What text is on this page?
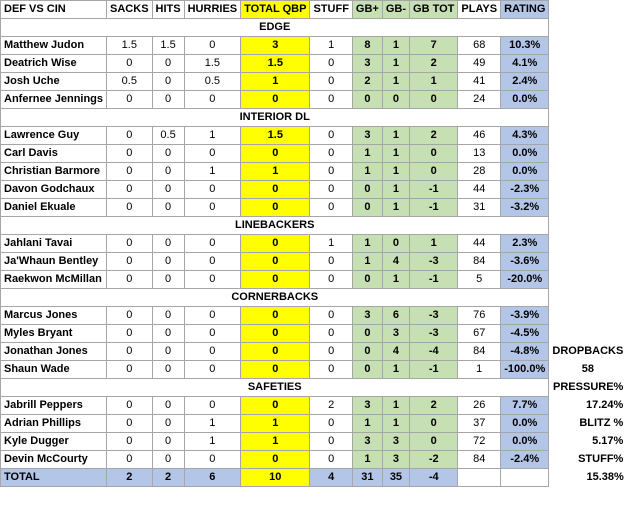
DEF VS CIN	SACKS	HITS	HURRIES	TOTAL QBP	STUFF	GB+	GB-	GB TOT	PLAYS	RATING	
EDGE											
Matthew Judon	1.5	1.5	0	3	1	8	1	7	68	10.3%	
Deatrich Wise	0	0	1.5	1.5	0	3	1	2	49	4.1%	
Josh Uche	0.5	0	0.5	1	0	2	1	1	41	2.4%	
Anfernee Jennings	0	0	0	0	0	0	0	0	24	0.0%	
INTERIOR DL											
Lawrence Guy	0	0.5	1	1.5	0	3	1	2	46	4.3%	
Carl Davis	0	0	0	0	0	1	1	0	13	0.0%	
Christian Barmore	0	0	1	1	0	1	1	0	28	0.0%	
Davon Godchaux	0	0	0	0	0	0	1	-1	44	-2.3%	
Daniel Ekuale	0	0	0	0	0	0	1	-1	31	-3.2%	
LINEBACKERS											
Jahlani Tavai	0	0	0	0	1	1	0	1	44	2.3%	
Ja'Whaun Bentley	0	0	0	0	0	1	4	-3	84	-3.6%	
Raekwon McMillan	0	0	0	0	0	0	1	-1	5	-20.0%	
CORNERBACKS											
Marcus Jones	0	0	0	0	0	3	6	-3	76	-3.9%	
Myles Bryant	0	0	0	0	0	0	3	-3	67	-4.5%	
Jonathan Jones	0	0	0	0	0	0	4	-4	84	-4.8%	DROPBACKS
Shaun Wade	0	0	0	0	0	0	1	-1	1	-100.0%	58
SAFETIES											PRESSURE%
Jabrill Peppers	0	0	0	0	2	3	1	2	26	7.7%	17.24%
Adrian Phillips	0	0	1	1	0	1	1	0	37	0.0%	BLITZ %
Kyle Dugger	0	0	1	1	0	3	3	0	72	0.0%	5.17%
Devin McCourty	0	0	0	0	0	1	3	-2	84	-2.4%	STUFF%
TOTAL	2	2	6	10	4	31	35	-4			15.38%
